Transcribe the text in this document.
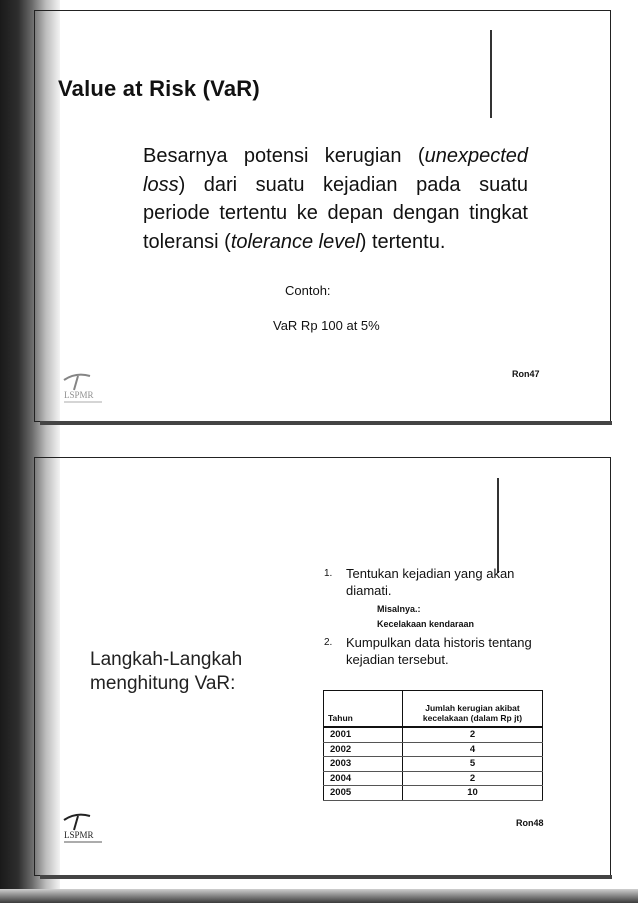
Value at Risk (VaR)
Besarnya potensi kerugian (unexpected loss) dari suatu kejadian pada suatu periode tertentu ke depan dengan tingkat toleransi (tolerance level) tertentu.
Contoh:
VaR Rp 100 at 5%
Ron47
LSPMR
Langkah-Langkah
menghitung VaR:
1. Tentukan kejadian yang akan diamati.
Misalnya.:
Kecelakaan kendaraan
2. Kumpulkan data historis tentang kejadian tersebut.
Tahun	Jumlah kerugian akibat kecelakaan (dalam Rp jt)
2001	2
2002	4
2003	5
2004	2
2005	10
Ron48
LSPMR
